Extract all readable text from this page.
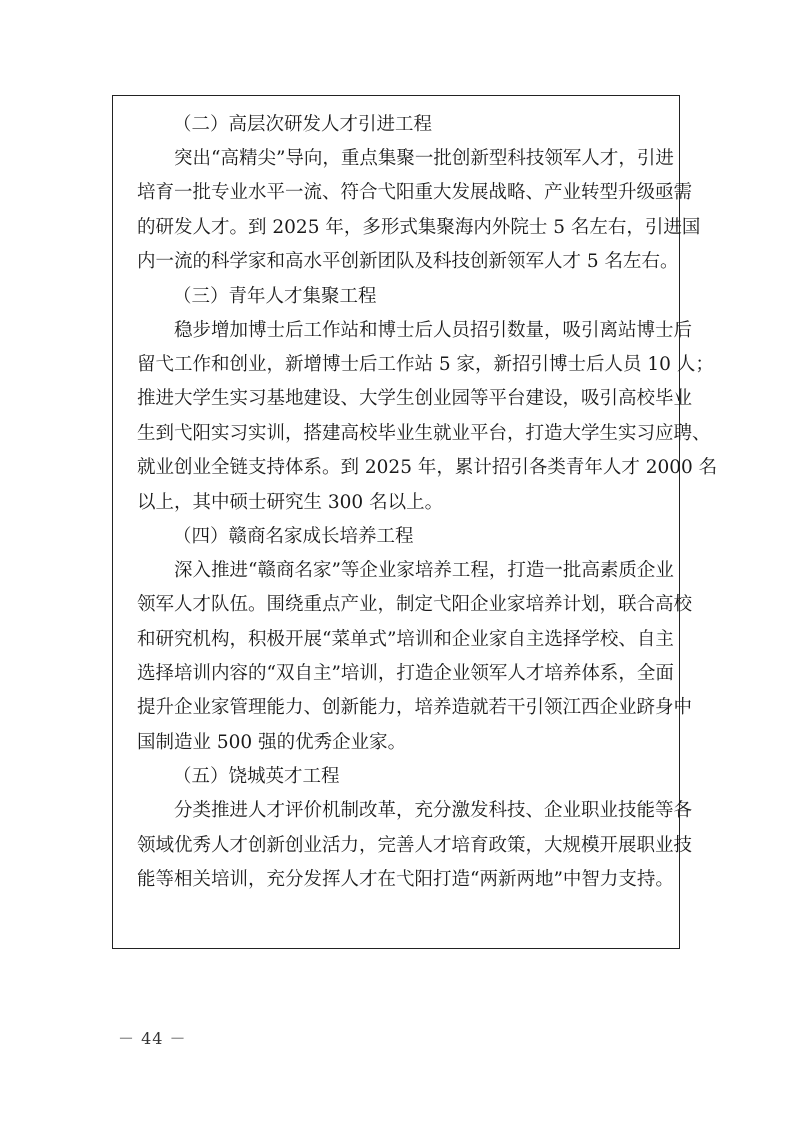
（二）高层次研发人才引进工程
突出“高精尖”导向，重点集聚一批创新型科技领军人才，引进
培育一批专业水平一流、符合弋阳重大发展战略、产业转型升级亟需
的研发人才。到 2025 年，多形式集聚海内外院士 5 名左右，引进国
内一流的科学家和高水平创新团队及科技创新领军人才 5 名左右。
（三）青年人才集聚工程
稳步增加博士后工作站和博士后人员招引数量，吸引离站博士后
留弋工作和创业，新增博士后工作站 5 家，新招引博士后人员 10 人；
推进大学生实习基地建设、大学生创业园等平台建设，吸引高校毕业
生到弋阳实习实训，搭建高校毕业生就业平台，打造大学生实习应聘、
就业创业全链支持体系。到 2025 年，累计招引各类青年人才 2000 名
以上，其中硕士研究生 300 名以上。
（四）赣商名家成长培养工程
深入推进“赣商名家”等企业家培养工程，打造一批高素质企业
领军人才队伍。围绕重点产业，制定弋阳企业家培养计划，联合高校
和研究机构，积极开展“菜单式”培训和企业家自主选择学校、自主
选择培训内容的“双自主”培训，打造企业领军人才培养体系，全面
提升企业家管理能力、创新能力，培养造就若干引领江西企业跻身中
国制造业 500 强的优秀企业家。
（五）饶城英才工程
分类推进人才评价机制改革，充分激发科技、企业职业技能等各
领域优秀人才创新创业活力，完善人才培育政策，大规模开展职业技
能等相关培训，充分发挥人才在弋阳打造“两新两地”中智力支持。
－ 44 －
